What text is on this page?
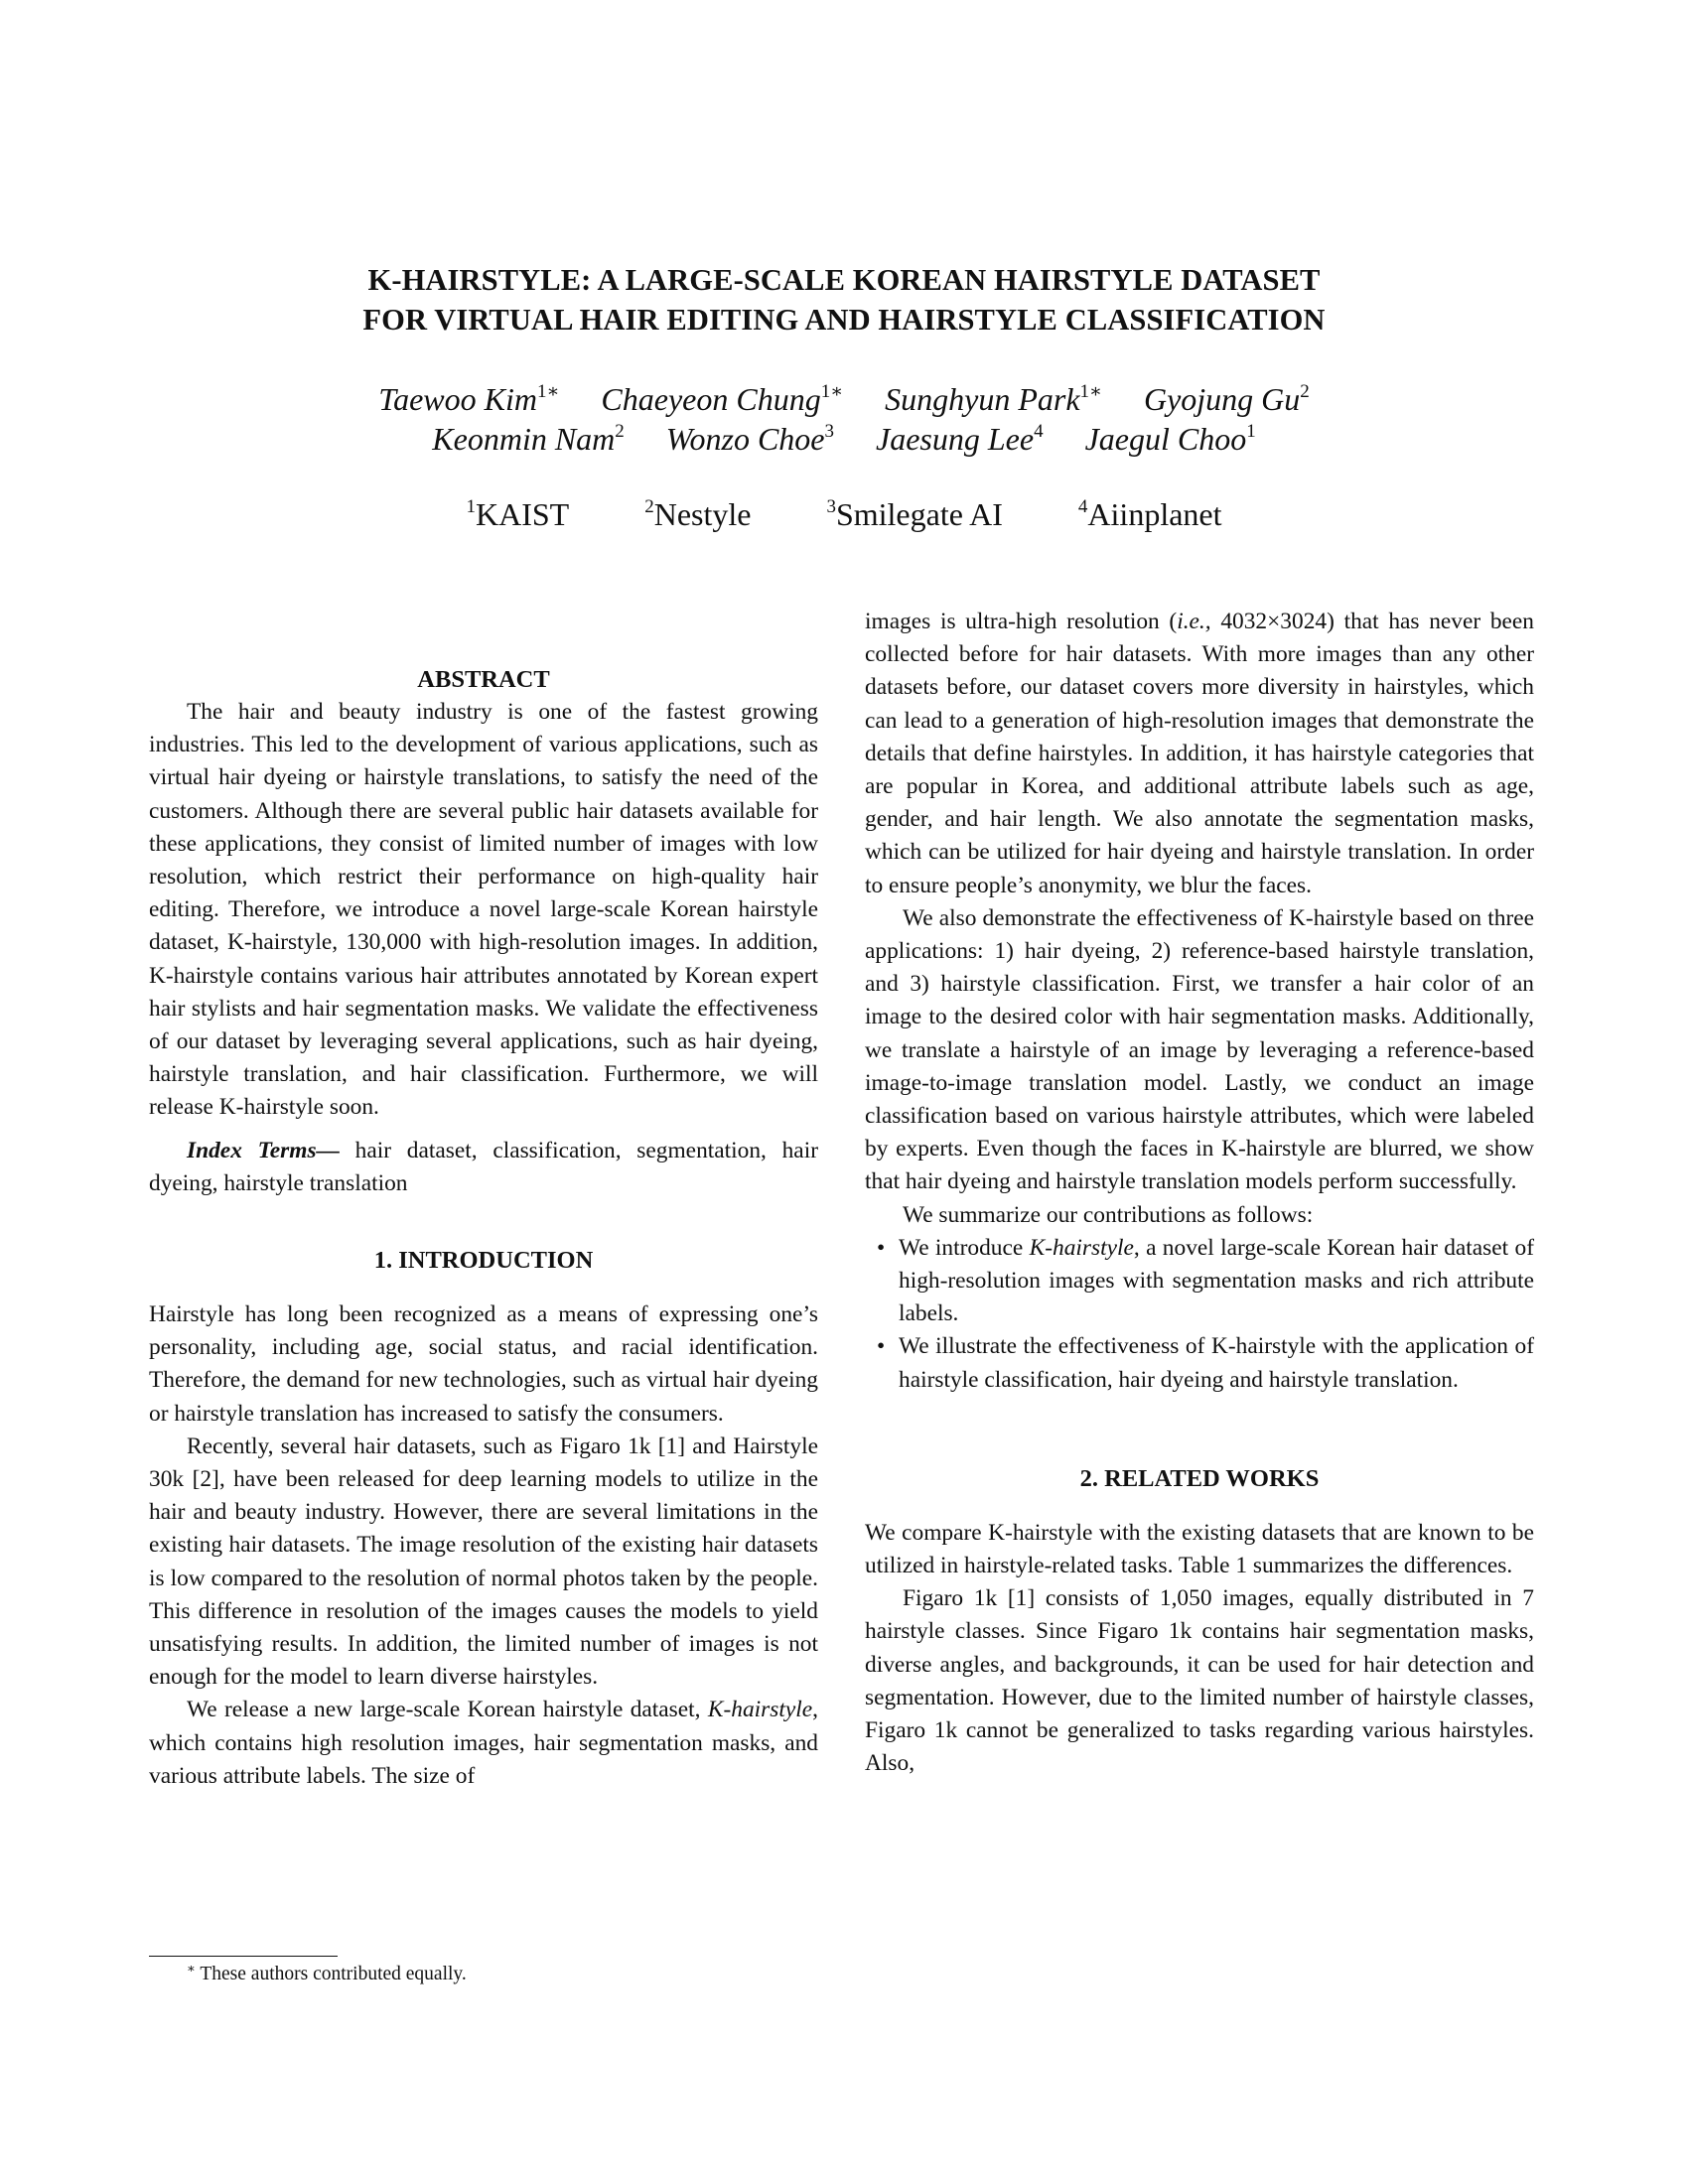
K-HAIRSTYLE: A LARGE-SCALE KOREAN HAIRSTYLE DATASET
FOR VIRTUAL HAIR EDITING AND HAIRSTYLE CLASSIFICATION
Taewoo Kim$^{1∗}$ Chaeyeon Chung$^{1∗}$ Sunghyun Park$^{1∗}$ Gyojung Gu$^2$
Keonmin Nam$^2$ Wonzo Choe$^3$ Jaesung Lee$^4$ Jaegul Choo$^1$
$^1$KAIST	$^2$Nestyle	$^3$Smilegate AI	$^4$Aiinplanet
ABSTRACT

The hair and beauty industry is one of the fastest growing industries. This led to the development of various applications, such as virtual hair dyeing or hairstyle translations, to satisfy the need of the customers. Although there are several public hair datasets available for these applications, they consist of limited number of images with low resolution, which restrict their performance on high-quality hair editing. Therefore, we introduce a novel large-scale Korean hairstyle dataset, K-hairstyle, 130,000 with high-resolution images. In addition, K-hairstyle contains various hair attributes annotated by Korean expert hair stylists and hair segmentation masks. We validate the effectiveness of our dataset by leveraging several applications, such as hair dyeing, hairstyle translation, and hair classification. Furthermore, we will release K-hairstyle soon.

Index Terms— hair dataset, classification, segmentation, hair dyeing, hairstyle translation

1. INTRODUCTION

Hairstyle has long been recognized as a means of expressing one’s personality, including age, social status, and racial identification. Therefore, the demand for new technologies, such as virtual hair dyeing or hairstyle translation has increased to satisfy the consumers.

Recently, several hair datasets, such as Figaro 1k [1] and Hairstyle 30k [2], have been released for deep learning models to utilize in the hair and beauty industry. However, there are several limitations in the existing hair datasets. The image resolution of the existing hair datasets is low compared to the resolution of normal photos taken by the people. This difference in resolution of the images causes the models to yield unsatisfying results. In addition, the limited number of images is not enough for the model to learn diverse hairstyles.

We release a new large-scale Korean hairstyle dataset, K-hairstyle, which contains high resolution images, hair segmentation masks, and various attribute labels. The size of

∗ These authors contributed equally.

images is ultra-high resolution (i.e., 4032×3024) that has never been collected before for hair datasets. With more images than any other datasets before, our dataset covers more diversity in hairstyles, which can lead to a generation of high-resolution images that demonstrate the details that define hairstyles. In addition, it has hairstyle categories that are popular in Korea, and additional attribute labels such as age, gender, and hair length. We also annotate the segmentation masks, which can be utilized for hair dyeing and hairstyle translation. In order to ensure people’s anonymity, we blur the faces.

We also demonstrate the effectiveness of K-hairstyle based on three applications: 1) hair dyeing, 2) reference-based hairstyle translation, and 3) hairstyle classification. First, we transfer a hair color of an image to the desired color with hair segmentation masks. Additionally, we translate a hairstyle of an image by leveraging a reference-based image-to-image translation model. Lastly, we conduct an image classification based on various hairstyle attributes, which were labeled by experts. Even though the faces in K-hairstyle are blurred, we show that hair dyeing and hairstyle translation models perform successfully.

We summarize our contributions as follows:

• We introduce K-hairstyle, a novel large-scale Korean hair dataset of high-resolution images with segmentation masks and rich attribute labels.
• We illustrate the effectiveness of K-hairstyle with the application of hairstyle classification, hair dyeing and hairstyle translation.
2. RELATED WORKS

We compare K-hairstyle with the existing datasets that are known to be utilized in hairstyle-related tasks. Table 1 summarizes the differences.

Figaro 1k [1] consists of 1,050 images, equally distributed in 7 hairstyle classes. Since Figaro 1k contains hair segmentation masks, diverse angles, and backgrounds, it can be used for hair detection and segmentation. However, due to the limited number of hairstyle classes, Figaro 1k cannot be generalized to tasks regarding various hairstyles. Also,
